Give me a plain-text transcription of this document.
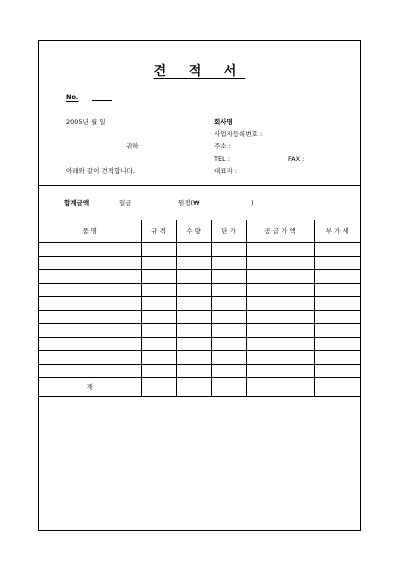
견 적 서
No.
2005년 월 일
귀하
아래와 같이 견적합니다.
회사명
사업자등록번호 :
주소 :
TEL :	FAX :
대표자 :
합계금액	일금	원정(₩	)
품 명	규 격	수 량	단 가	공 급 가 액	부 가 세

계					
